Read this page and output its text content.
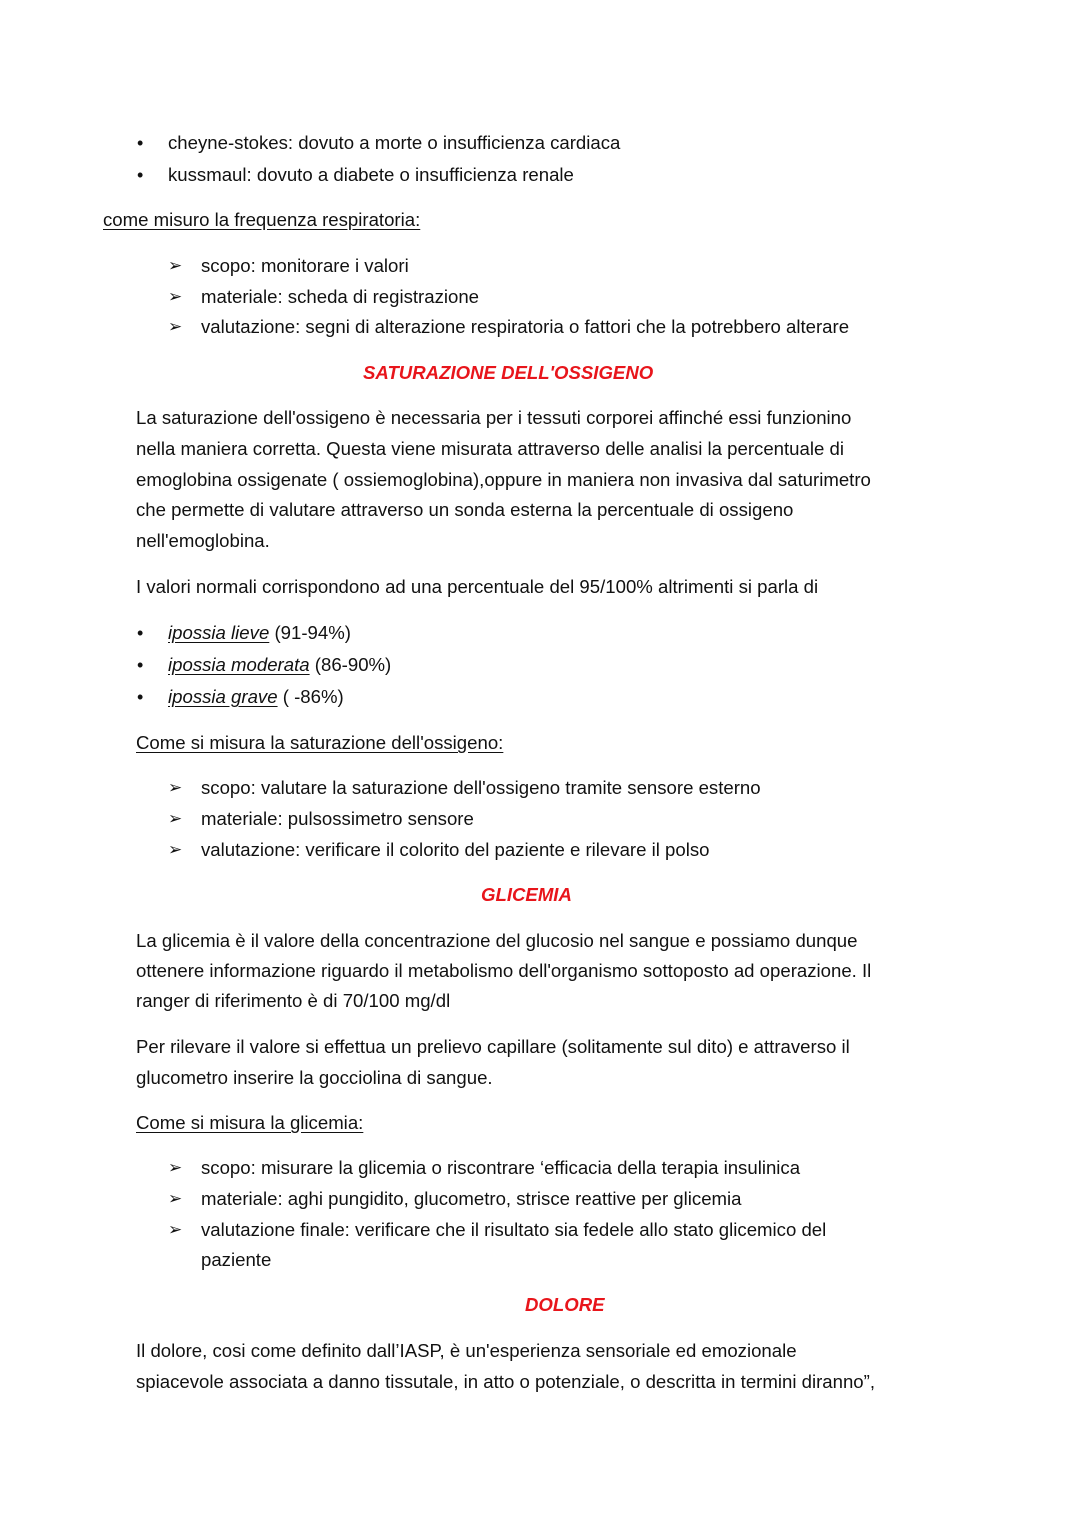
• cheyne-stokes: dovuto a morte o insufficienza cardiaca
• kussmaul: dovuto a diabete o insufficienza renale
come misuro la frequenza respiratoria:
➢ scopo: monitorare i valori
➢ materiale: scheda di registrazione
➢ valutazione: segni di alterazione respiratoria o fattori che la potrebbero alterare
SATURAZIONE DELL'OSSIGENO
La saturazione dell'ossigeno è necessaria per i tessuti corporei affinché essi funzionino
nella maniera corretta. Questa viene misurata attraverso delle analisi la percentuale di
emoglobina ossigenate ( ossiemoglobina),oppure in maniera non invasiva dal saturimetro
che permette di valutare attraverso un sonda esterna la percentuale di ossigeno
nell'emoglobina.
I valori normali corrispondono ad una percentuale del 95/100% altrimenti si parla di
• ipossia lieve (91-94%)
• ipossia moderata (86-90%)
• ipossia grave ( -86%)
Come si misura la saturazione dell'ossigeno:
➢ scopo: valutare la saturazione dell'ossigeno tramite sensore esterno
➢ materiale: pulsossimetro sensore
➢ valutazione: verificare il colorito del paziente e rilevare il polso
GLICEMIA
La glicemia è il valore della concentrazione del glucosio nel sangue e possiamo dunque
ottenere informazione riguardo il metabolismo dell'organismo sottoposto ad operazione. Il
ranger di riferimento è di 70/100 mg/dl
Per rilevare il valore si effettua un prelievo capillare (solitamente sul dito) e attraverso il
glucometro inserire la gocciolina di sangue.
Come si misura la glicemia:
➢ scopo: misurare la glicemia o riscontrare ‘efficacia della terapia insulinica
➢ materiale: aghi pungidito, glucometro, strisce reattive per glicemia
➢ valutazione finale: verificare che il risultato sia fedele allo stato glicemico del
paziente
DOLORE
Il dolore, cosi come definito dall’IASP, è un'esperienza sensoriale ed emozionale
spiacevole associata a danno tissutale, in atto o potenziale, o descritta in termini diranno”,
